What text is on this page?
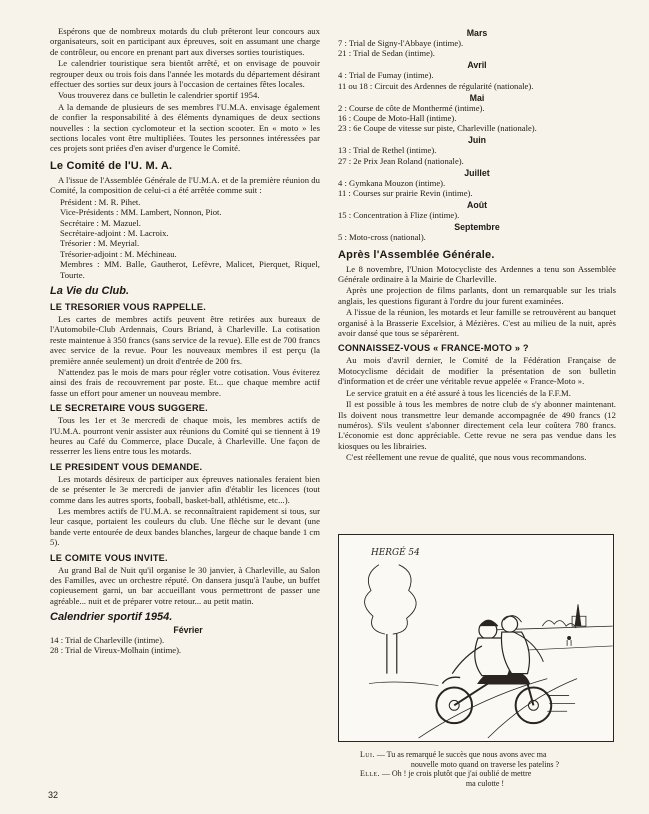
Espérons que de nombreux motards du club prêteront leur concours aux organisateurs, soit en participant aux épreuves, soit en assumant une charge de contrôleur, ou encore en prenant part aux diverses sorties touristiques.

Le calendrier touristique sera bientôt arrêté, et on envisage de pouvoir regrouper deux ou trois fois dans l'année les motards du département désirant effectuer des sorties sur deux jours à l'occasion de certaines fêtes locales.

Vous trouverez dans ce bulletin le calendrier sportif 1954.

A la demande de plusieurs de ses membres l'U.M.A. envisage également de confier la responsabilité à des éléments dynamiques de deux sections nouvelles : la section cyclomoteur et la section scooter. En « moto » les sections locales vont être multipliées. Toutes les personnes intéressées par ces projets sont priées d'en aviser d'urgence le Comité.

Le Comité de l'U. M. A.

A l'issue de l'Assemblée Générale de l'U.M.A. et de la première réunion du Comité, la composition de celui-ci a été arrêtée comme suit :

Président : M. R. Pihet.

Vice-Présidents : MM. Lambert, Nonnon, Piot.

Secrétaire : M. Mazuel.

Secrétaire-adjoint : M. Lacroix.

Trésorier : M. Meyrial.

Trésorier-adjoint : M. Méchineau.

Membres : MM. Balle, Gautherot, Lefèvre, Malicet, Pierquet, Riquel, Tourte.

La Vie du Club.
LE TRESORIER VOUS RAPPELLE.

Les cartes de membres actifs peuvent être retirées aux bureaux de l'Automobile-Club Ardennais, Cours Briand, à Charleville. La cotisation reste maintenue à 350 francs (sans service de la revue). Elle est de 700 francs avec service de la revue. Pour les nouveaux membres il est perçu (la première année seulement) un droit d'entrée de 200 frs.

N'attendez pas le mois de mars pour régler votre cotisation. Vous éviterez ainsi des frais de recouvrement par poste. Et... que chaque membre actif fasse un effort pour amener un nouveau membre.

LE SECRETAIRE VOUS SUGGERE.

Tous les 1er et 3e mercredi de chaque mois, les membres actifs de l'U.M.A. pourront venir assister aux réunions du Comité qui se tiennent à 19 heures au Café du Commerce, place Ducale, à Charleville. Une façon de resserrer les liens entre tous les motards.

LE PRESIDENT VOUS DEMANDE.

Les motards désireux de participer aux épreuves nationales feraient bien de se présenter le 3e mercredi de janvier afin d'établir les licences (tout comme dans les autres sports, fooball, basket-ball, athlétisme, etc...).

Les membres actifs de l'U.M.A. se reconnaîtraient rapidement si tous, sur leur casque, portaient les couleurs du club. Une flèche sur le devant (une bande verte entourée de deux bandes blanches, largeur de chaque bande 1 cm 5).

LE COMITE VOUS INVITE.

Au grand Bal de Nuit qu'il organise le 30 janvier, à Charleville, au Salon des Familles, avec un orchestre réputé. On dansera jusqu'à l'aube, un buffet copieusement garni, un bar accueillant vous permettront de passer une agréable... nuit et de préparer votre retour... au petit matin.

Calendrier sportif 1954.
Février

14 : Trial de Charleville (intime).

28 : Trial de Vireux-Molhain (intime).

Mars

7 : Trial de Signy-l'Abbaye (intime).

21 : Trial de Sedan (intime).

Avril

4 : Trial de Fumay (intime).

11 ou 18 : Circuit des Ardennes de régularité (nationale).

Mai

2 : Course de côte de Monthermé (intime).

16 : Coupe de Moto-Hall (intime).

23 : 6e Coupe de vitesse sur piste, Charleville (nationale).

Juin

13 : Trial de Rethel (intime).

27 : 2e Prix Jean Roland (nationale).

Juillet

4 : Gymkana Mouzon (intime).

11 : Courses sur prairie Revin (intime).

Août

15 : Concentration à Flize (intime).

Septembre

5 : Moto-cross (national).

Après l'Assemblée Générale.

Le 8 novembre, l'Union Motocycliste des Ardennes a tenu son Assemblée Générale ordinaire à la Mairie de Charleville.

Après une projection de films parlants, dont un remarquable sur les trials anglais, les questions figurant à l'ordre du jour furent examinées.

A l'issue de la réunion, les motards et leur famille se retrouvèrent au banquet organisé à la Brasserie Excelsior, à Mézières. C'est au milieu de la nuit, après avoir dansé que tous se séparèrent.

CONNAISSEZ-VOUS « FRANCE-MOTO » ?

Au mois d'avril dernier, le Comité de la Fédération Française de Motocyclisme décidait de modifier la présentation de son bulletin d'information et de créer une véritable revue appelée « France-Moto ».

Le service gratuit en a été assuré à tous les licenciés de la F.F.M.

Il est possible à tous les membres de notre club de s'y abonner maintenant. Ils doivent nous transmettre leur demande accompagnée de 490 francs (12 numéros). S'ils veulent s'abonner directement cela leur coûtera 780 francs. L'économie est donc appréciable. Cette revue ne sera pas vendue dans les kiosques ou les librairies.

C'est réellement une revue de qualité, que nous vous recommandons.

HERGÉ 54

Lui. — Tu as remarqué le succès que nous avons avec ma

nouvelle moto quand on traverse les patelins ?

Elle. — Oh ! je crois plutôt que j'ai oublié de mettre

ma culotte !

32
